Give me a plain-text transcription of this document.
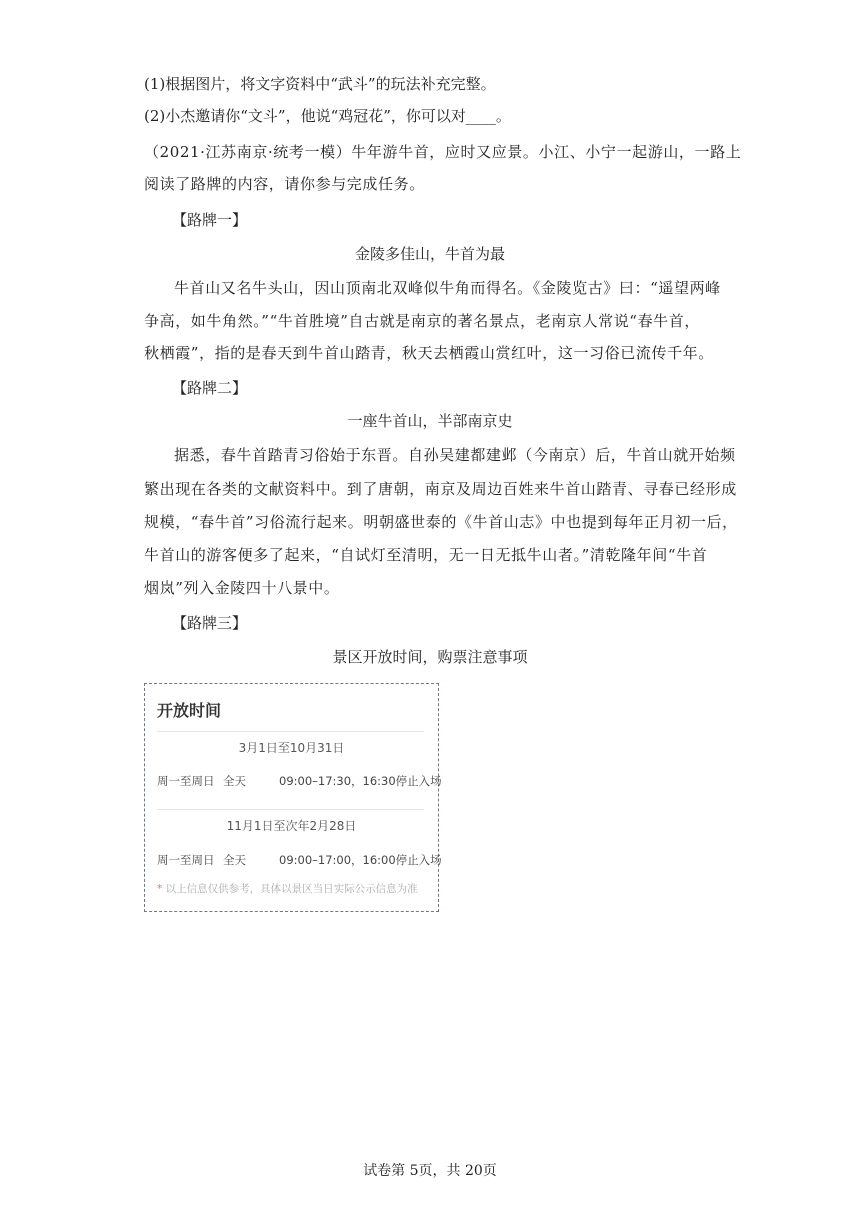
(1)根据图片，将文字资料中“武斗”的玩法补充完整。
(2)小杰邀请你“文斗”，他说“鸡冠花”，你可以对____。
（2021·江苏南京·统考一模）牛年游牛首，应时又应景。小江、小宁一起游山，一路上
阅读了路牌的内容，请你参与完成任务。
【路牌一】
金陵多佳山，牛首为最
牛首山又名牛头山，因山顶南北双峰似牛角而得名。《金陵览古》曰：“遥望两峰
争高，如牛角然。”“牛首胜境”自古就是南京的著名景点，老南京人常说“春牛首，
秋栖霞”，指的是春天到牛首山踏青，秋天去栖霞山赏红叶，这一习俗已流传千年。
【路牌二】
一座牛首山，半部南京史
据悉，春牛首踏青习俗始于东晋。自孙吴建都建邺（今南京）后，牛首山就开始频
繁出现在各类的文献资料中。到了唐朝，南京及周边百姓来牛首山踏青、寻春已经形成
规模，“春牛首”习俗流行起来。明朝盛世泰的《牛首山志》中也提到每年正月初一后，
牛首山的游客便多了起来，“自试灯至清明，无一日无抵牛山者。”清乾隆年间“牛首
烟岚”列入金陵四十八景中。
【路牌三】
景区开放时间，购票注意事项
开放时间
3月1日至10月31日
周一至周日 全天	09:00–17:30，16:30停止入场
11月1日至次年2月28日
周一至周日 全天	09:00–17:00，16:00停止入场
* 以上信息仅供参考，具体以景区当日实际公示信息为准
试卷第 5页，共 20页
